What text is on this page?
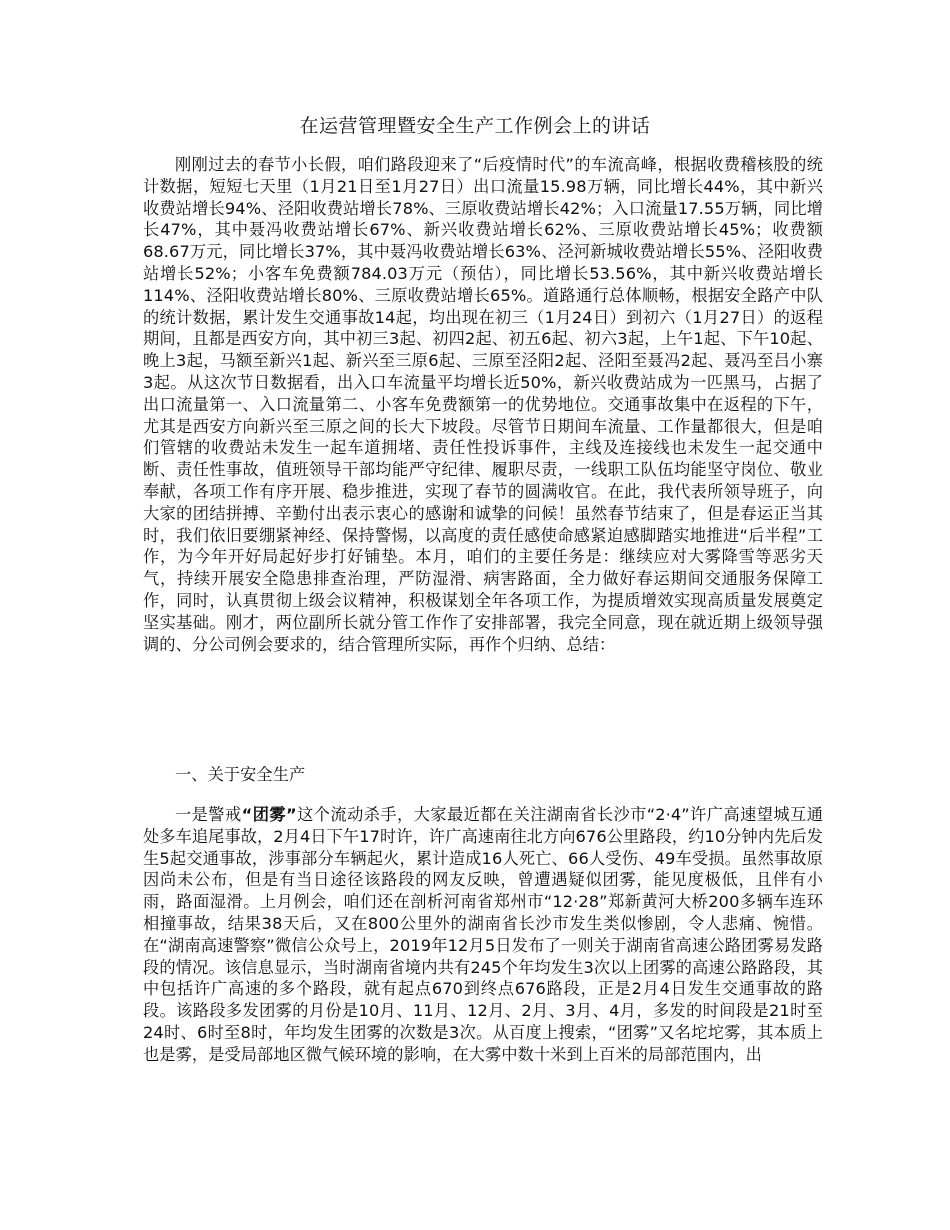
在运营管理暨安全生产工作例会上的讲话

刚刚过去的春节小长假，咱们路段迎来了“后疫情时代”的车流高峰，根据收费稽核股的统计数据，短短七天里（1月21日至1月27日）出口流量15.98万辆，同比增长44%，其中新兴收费站增长94%、泾阳收费站增长78%、三原收费站增长42%；入口流量17.55万辆，同比增长47%，其中聂冯收费站增长67%、新兴收费站增长62%、三原收费站增长45%；收费额68.67万元，同比增长37%，其中聂冯收费站增长63%、泾河新城收费站增长55%、泾阳收费站增长52%；小客车免费额784.03万元（预估），同比增长53.56%，其中新兴收费站增长114%、泾阳收费站增长80%、三原收费站增长65%。道路通行总体顺畅，根据安全路产中队的统计数据，累计发生交通事故14起，均出现在初三（1月24日）到初六（1月27日）的返程期间，且都是西安方向，其中初三3起、初四2起、初五6起、初六3起，上午1起、下午10起、晚上3起，马额至新兴1起、新兴至三原6起、三原至泾阳2起、泾阳至聂冯2起、聂冯至吕小寨3起。从这次节日数据看，出入口车流量平均增长近50%，新兴收费站成为一匹黑马，占据了出口流量第一、入口流量第二、小客车免费额第一的优势地位。交通事故集中在返程的下午，尤其是西安方向新兴至三原之间的长大下坡段。尽管节日期间车流量、工作量都很大，但是咱们管辖的收费站未发生一起车道拥堵、责任性投诉事件，主线及连接线也未发生一起交通中断、责任性事故，值班领导干部均能严守纪律、履职尽责，一线职工队伍均能坚守岗位、敬业奉献，各项工作有序开展、稳步推进，实现了春节的圆满收官。在此，我代表所领导班子，向大家的团结拼搏、辛勤付出表示衷心的感谢和诚挚的问候！虽然春节结束了，但是春运正当其时，我们依旧要绷紧神经、保持警惕，以高度的责任感使命感紧迫感脚踏实地推进“后半程”工作，为今年开好局起好步打好铺垫。本月，咱们的主要任务是：继续应对大雾降雪等恶劣天气，持续开展安全隐患排查治理，严防湿滑、病害路面，全力做好春运期间交通服务保障工作，同时，认真贯彻上级会议精神，积极谋划全年各项工作，为提质增效实现高质量发展奠定坚实基础。刚才，两位副所长就分管工作作了安排部署，我完全同意，现在就近期上级领导强调的、分公司例会要求的，结合管理所实际，再作个归纳、总结：

一、关于安全生产

一是警戒“团雾”这个流动杀手，大家最近都在关注湖南省长沙市“2·4”许广高速望城互通处多车追尾事故，2月4日下午17时许，许广高速南往北方向676公里路段，约10分钟内先后发生5起交通事故，涉事部分车辆起火，累计造成16人死亡、66人受伤、49车受损。虽然事故原因尚未公布，但是有当日途径该路段的网友反映，曾遭遇疑似团雾，能见度极低，且伴有小雨，路面湿滑。上月例会，咱们还在剖析河南省郑州市“12·28”郑新黄河大桥200多辆车连环相撞事故，结果38天后，又在800公里外的湖南省长沙市发生类似惨剧，令人悲痛、惋惜。在“湖南高速警察”微信公众号上，2019年12月5日发布了一则关于湖南省高速公路团雾易发路段的情况。该信息显示，当时湖南省境内共有245个年均发生3次以上团雾的高速公路路段，其中包括许广高速的多个路段，就有起点670到终点676路段，正是2月4日发生交通事故的路段。该路段多发团雾的月份是10月、11月、12月、2月、3月、4月，多发的时间段是21时至24时、6时至8时，年均发生团雾的次数是3次。从百度上搜索，“团雾”又名坨坨雾，其本质上也是雾，是受局部地区微气候环境的影响，在大雾中数十米到上百米的局部范围内，出
